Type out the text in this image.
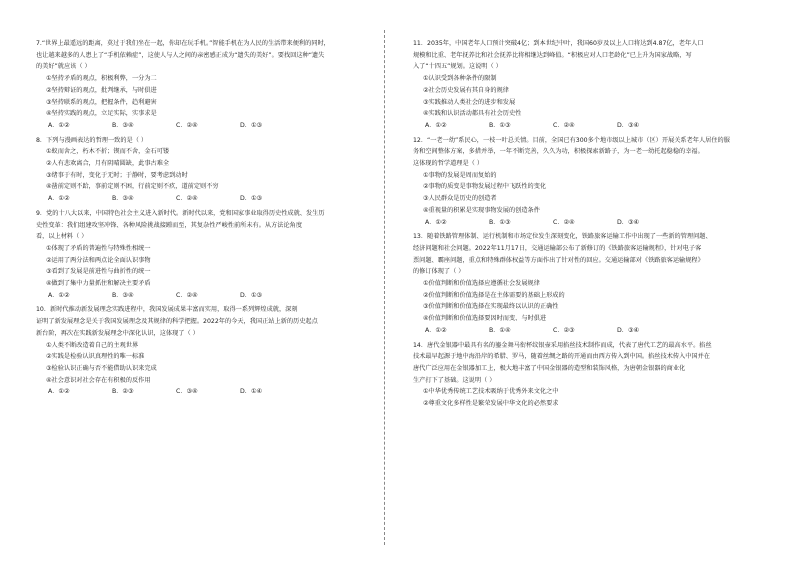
7.“世界上最遥远的距离，莫过于我们坐在一起，你却在玩手机。”智能手机在为人民的生活带来便利的同时，
也让越来越多的人患上了“手机依赖症”，这使人与人之间的亲密感正成为“遗失的美好”。要找回这种“遗失
的美好”就应该（ ）
①坚持矛盾的观点，积极利弊，一分为二
②坚持辩证的观点，批判继承，与时俱进
③坚持联系的观点，把握条件，趋利避害
④坚持实践的观点，立足实际，实事求是
A．①②	B．③④	C．②④	D．①③
8．下列与漫画表达的哲理一致的是（ ）
①蚁而舍之，朽木不折；锲而不舍，金石可镂
②人有悲欢离合，月有阴晴圆缺，此事古难全
③绪事于有时，变化于无时；于静时，要考虑到动时
④凿前定则不跲，事前定则不困，行前定则不疚，道前定则不穷
A．①②	B．③④	C．②④	D．①③
9．党的十八大以来，中国特色社会主义进入新时代。新时代以来，党和国家事业取得历史性成就、发生历
史性变革：我们组建攻坚冲锋、各种风险挑战接踵而至，其复杂性严峻性前所未有。从方法论角度
看，以上材料（ ）
①体现了矛盾的普遍性与特殊性相统一
②运用了两分法和两点论全面认识事物
③看到了发展是前进性与曲折性的统一
④做到了集中力量抓住和解决主要矛盾
A．①②	B．③④	C．②④	D．①③
10．新时代推动新发展理念实践进程中，我国发展成果丰富而实用，取得一系列辉煌成就，深刻
证明了新发展理念是关于我国发展理念及其规律的科学把握。2022年的今天，我国正站上新的历史起点
新台阶，再次在实践新发展理念中深化认识，这体现了（ ）
①人类不断改造着自己的主观世界
②实践是检验认识真理性的唯一标准
③检验认识正确与否不能借助认识来完成
④社会意识对社会存在有积极的反作用
A．①②	B．②③	C．③④	D．①④
11．2035年，中国老年人口预计突破4亿；到本世纪中叶，我国60岁及以上人口将达到4.87亿，老年人口
规模和比重、老年抚养比和社会抚养比将相继达到峰值。“积极应对人口老龄化”已上升为国家战略，写
入了“十四五”规划。这说明（ ）
①认识受到各种条件的限制
②社会历史发展有其自身的规律
③实践推动人类社会的进步和发展
④实践和认识活动都具有社会历史性
A．①②	B．①③	C．②④	D．③④
12．“一老一幼”系民心，一枝一叶总关情。目前，全国已有300多个地市级以上城市（区）开展关系老年人居住的服
务和空间整体方案，多措并举，一年不断完善，久久为功，积极探索新路子，为一老一幼托起稳稳的幸福。
这体现的哲学道理是（ ）
①事物的发展是周而复始的
②事物的质变是事物发展过程中飞跃性的变化
③人民群众是历史的创造者
④重视量的积累是实现事物发展的创造条件
A．①②	B．①③	C．②④	D．③④
13．随着铁路管理体制、运行机制和市场定位发生深刻变化，铁路旅客运输工作中出现了一些新的管理问题、
经济问题和社会问题。2022年11月17日，交通运输部公布了新修订的《铁路旅客运输规程》，针对电子客
票问题、霸座问题，重点和特殊群体权益等方面作出了针对性的回应。交通运输部对《铁路旅客运输规程》
的修订体现了（ ）
①价值判断和价值选择应遵循社会发展规律
②价值判断和价值选择是在主体需要的基础上形成的
③价值判断和价值选择在实现最终以认识的正确性
④价值判断和价值选择要因时而变、与时俱进
A．①②	B．①④	C．②③	D．③④
14．唐代金银器中最具有名的鎏金舞马衔杯纹银壶采用掐丝技术制作而成，代表了唐代工艺的最高水平。掐丝
技术最早起源于地中海沿岸的希腊、罗马，随着丝绸之路的开通而由西方传入到中国。掐丝技术传入中国并在
唐代广泛应用在金银器加工上，极大地丰富了中国金银器的造型和装饰风格，为唐朝金银器的商业化
生产打下了基础。这说明（ ）
①中华优秀传统工艺技术吸纳于优秀外来文化之中
②尊重文化多样性是繁荣发展中华文化的必然要求
